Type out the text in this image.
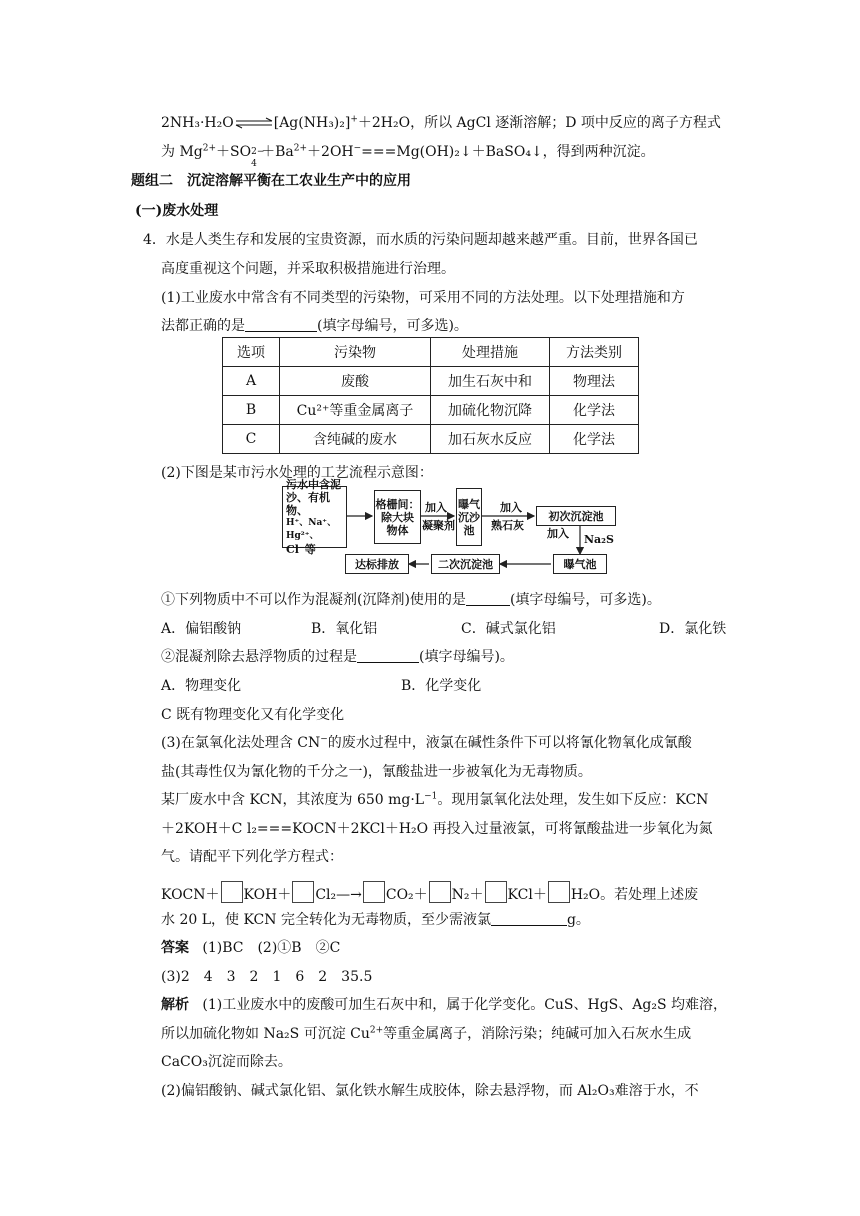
2NH₃·H₂O⇌[Ag(NH₃)₂]+＋2H₂O，所以 AgCl 逐渐溶解；D 项中反应的离子方程式
为 $Mg^{2+}+SO$ 2−
4
$+Ba^{2+}+2OH^-===Mg(OH)_2↓+BaSO_4↓$，得到两种沉淀。
题组二　沉淀溶解平衡在工农业生产中的应用
(一)废水处理
4．水是人类生存和发展的宝贵资源，而水质的污染问题却越来越严重。目前，世界各国已
高度重视这个问题，并采取积极措施进行治理。
(1)工业废水中常含有不同类型的污染物，可采用不同的方法处理。以下处理措施和方
法都正确的是	(填字母编号，可多选)。
选项	污染物	处理措施	方法类别
A	废酸	加生石灰中和	物理法
B	Cu²⁺等重金属离子	加硫化物沉降	化学法
C	含纯碱的废水	加石灰水反应	化学法
(2)下图是某市污水处理的工艺流程示意图：
污水中含泥
沙、有机物、
H⁺、Na⁺、Hg²⁺、
Cl⁻等
格栅间：
除大块
物体
加入
凝聚剂
曝气
沉沙
池
加入
熟石灰
初次沉淀池
加入 Na₂S
曝气池
二次沉淀池
达标排放
①下列物质中不可以作为混凝剂(沉降剂)使用的是	(填字母编号，可多选)。
A．偏铝酸钠	B．氧化铝	C．碱式氯化铝	D．氯化铁
②混凝剂除去悬浮物质的过程是	(填字母编号)。
A．物理变化	B．化学变化
C 既有物理变化又有化学变化
(3)在氯氧化法处理含 CN−的废水过程中，液氯在碱性条件下可以将氰化物氧化成氰酸
盐(其毒性仅为氰化物的千分之一)，氰酸盐进一步被氧化为无毒物质。
某厂废水中含 KCN，其浓度为 650 $mg\cdot L^{-1}$。现用氯氧化法处理，发生如下反应：KCN
＋2KOH＋C l₂===KOCN＋2KCl＋H₂O 再投入过量液氯，可将氰酸盐进一步氧化为氮
气。请配平下列化学方程式：
KOCN＋ KOH＋ Cl₂—→ CO₂＋ N₂＋ KCl＋ H₂O。若处理上述废
水 20 L，使 KCN 完全转化为无毒物质，至少需液氯	g。
答案 (1)BC　(2)①B　②C
(3)2　4　3　2　1　6　2　35.5
解析 (1)工业废水中的废酸可加生石灰中和，属于化学变化。CuS、HgS、Ag₂S 均难溶，
所以加硫化物如 Na₂S 可沉淀 $Cu^{2+}$等重金属离子，消除污染；纯碱可加入石灰水生成
CaCO₃沉淀而除去。
(2)偏铝酸钠、碱式氯化铝、氯化铁水解生成胶体，除去悬浮物，而 Al₂O₃难溶于水，不
